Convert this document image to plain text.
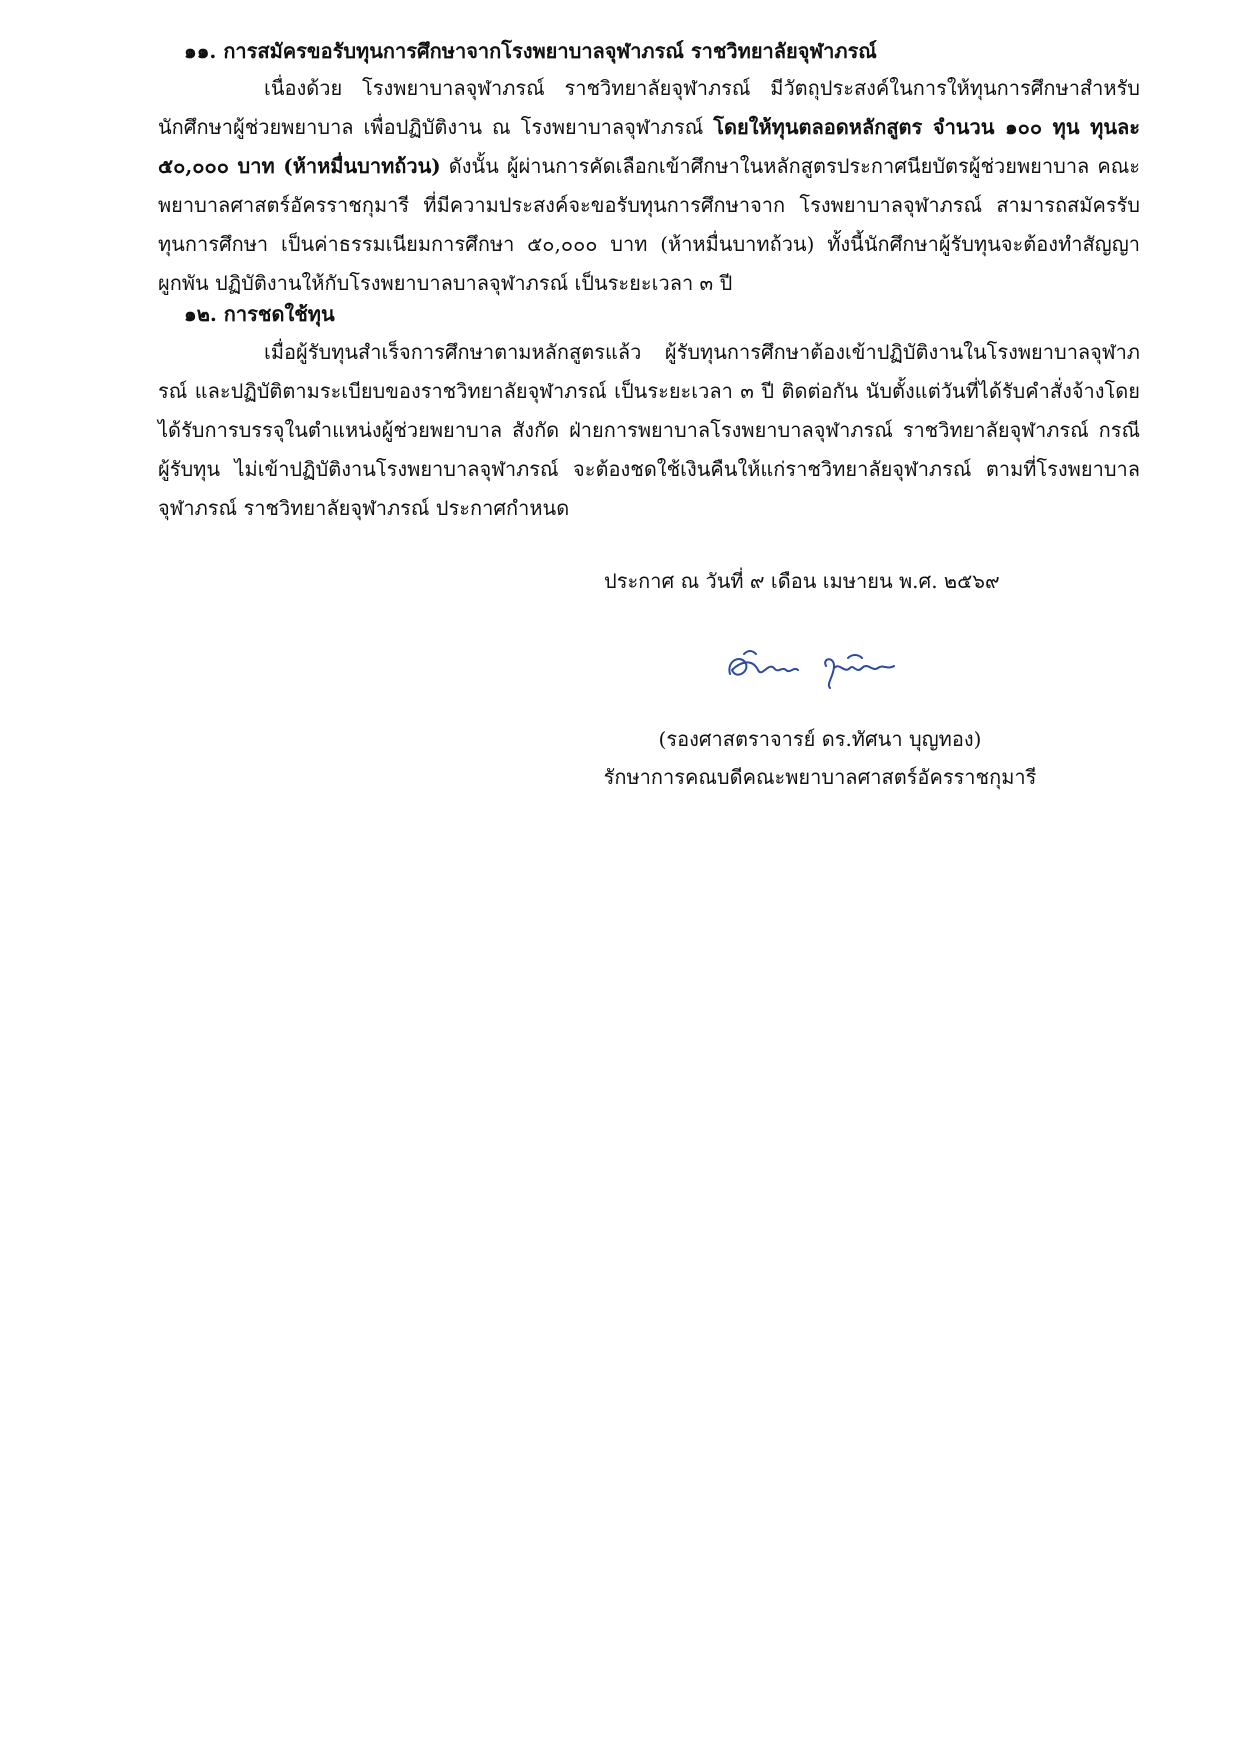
๑๑. การสมัครขอรับทุนการศึกษาจากโรงพยาบาลจุฬาภรณ์ ราชวิทยาลัยจุฬาภรณ์

เนื่องด้วย โรงพยาบาลจุฬาภรณ์ ราชวิทยาลัยจุฬาภรณ์ มีวัตถุประสงค์ในการให้ทุนการศึกษาสำหรับนักศึกษาผู้ช่วยพยาบาล เพื่อปฏิบัติงาน ณ โรงพยาบาลจุฬาภรณ์ โดยให้ทุนตลอดหลักสูตร จำนวน ๑๐๐ ทุน ทุนละ ๕๐,๐๐๐ บาท (ห้าหมื่นบาทถ้วน) ดังนั้น ผู้ผ่านการคัดเลือกเข้าศึกษาในหลักสูตรประกาศนียบัตรผู้ช่วยพยาบาล คณะพยาบาลศาสตร์อัครราชกุมารี ที่มีความประสงค์จะขอรับทุนการศึกษาจาก โรงพยาบาลจุฬาภรณ์ สามารถสมัครรับทุนการศึกษา เป็นค่าธรรมเนียมการศึกษา ๕๐,๐๐๐ บาท (ห้าหมื่นบาทถ้วน) ทั้งนี้นักศึกษาผู้รับทุนจะต้องทำสัญญาผูกพัน ปฏิบัติงานให้กับโรงพยาบาลบาลจุฬาภรณ์ เป็นระยะเวลา ๓ ปี

๑๒. การชดใช้ทุน

เมื่อผู้รับทุนสำเร็จการศึกษาตามหลักสูตรแล้ว ผู้รับทุนการศึกษาต้องเข้าปฏิบัติงานในโรงพยาบาลจุฬาภรณ์ และปฏิบัติตามระเบียบของราชวิทยาลัยจุฬาภรณ์ เป็นระยะเวลา ๓ ปี ติดต่อกัน นับตั้งแต่วันที่ได้รับคำสั่งจ้างโดยได้รับการบรรจุในตำแหน่งผู้ช่วยพยาบาล สังกัด ฝ่ายการพยาบาลโรงพยาบาลจุฬาภรณ์ ราชวิทยาลัยจุฬาภรณ์ กรณีผู้รับทุน ไม่เข้าปฏิบัติงานโรงพยาบาลจุฬาภรณ์ จะต้องชดใช้เงินคืนให้แก่ราชวิทยาลัยจุฬาภรณ์ ตามที่โรงพยาบาลจุฬาภรณ์ ราชวิทยาลัยจุฬาภรณ์ ประกาศกำหนด

ประกาศ ณ วันที่ ๙ เดือน เมษายน พ.ศ. ๒๕๖๙
(รองศาสตราจารย์ ดร.ทัศนา บุญทอง)
รักษาการคณบดีคณะพยาบาลศาสตร์อัครราชกุมารี
